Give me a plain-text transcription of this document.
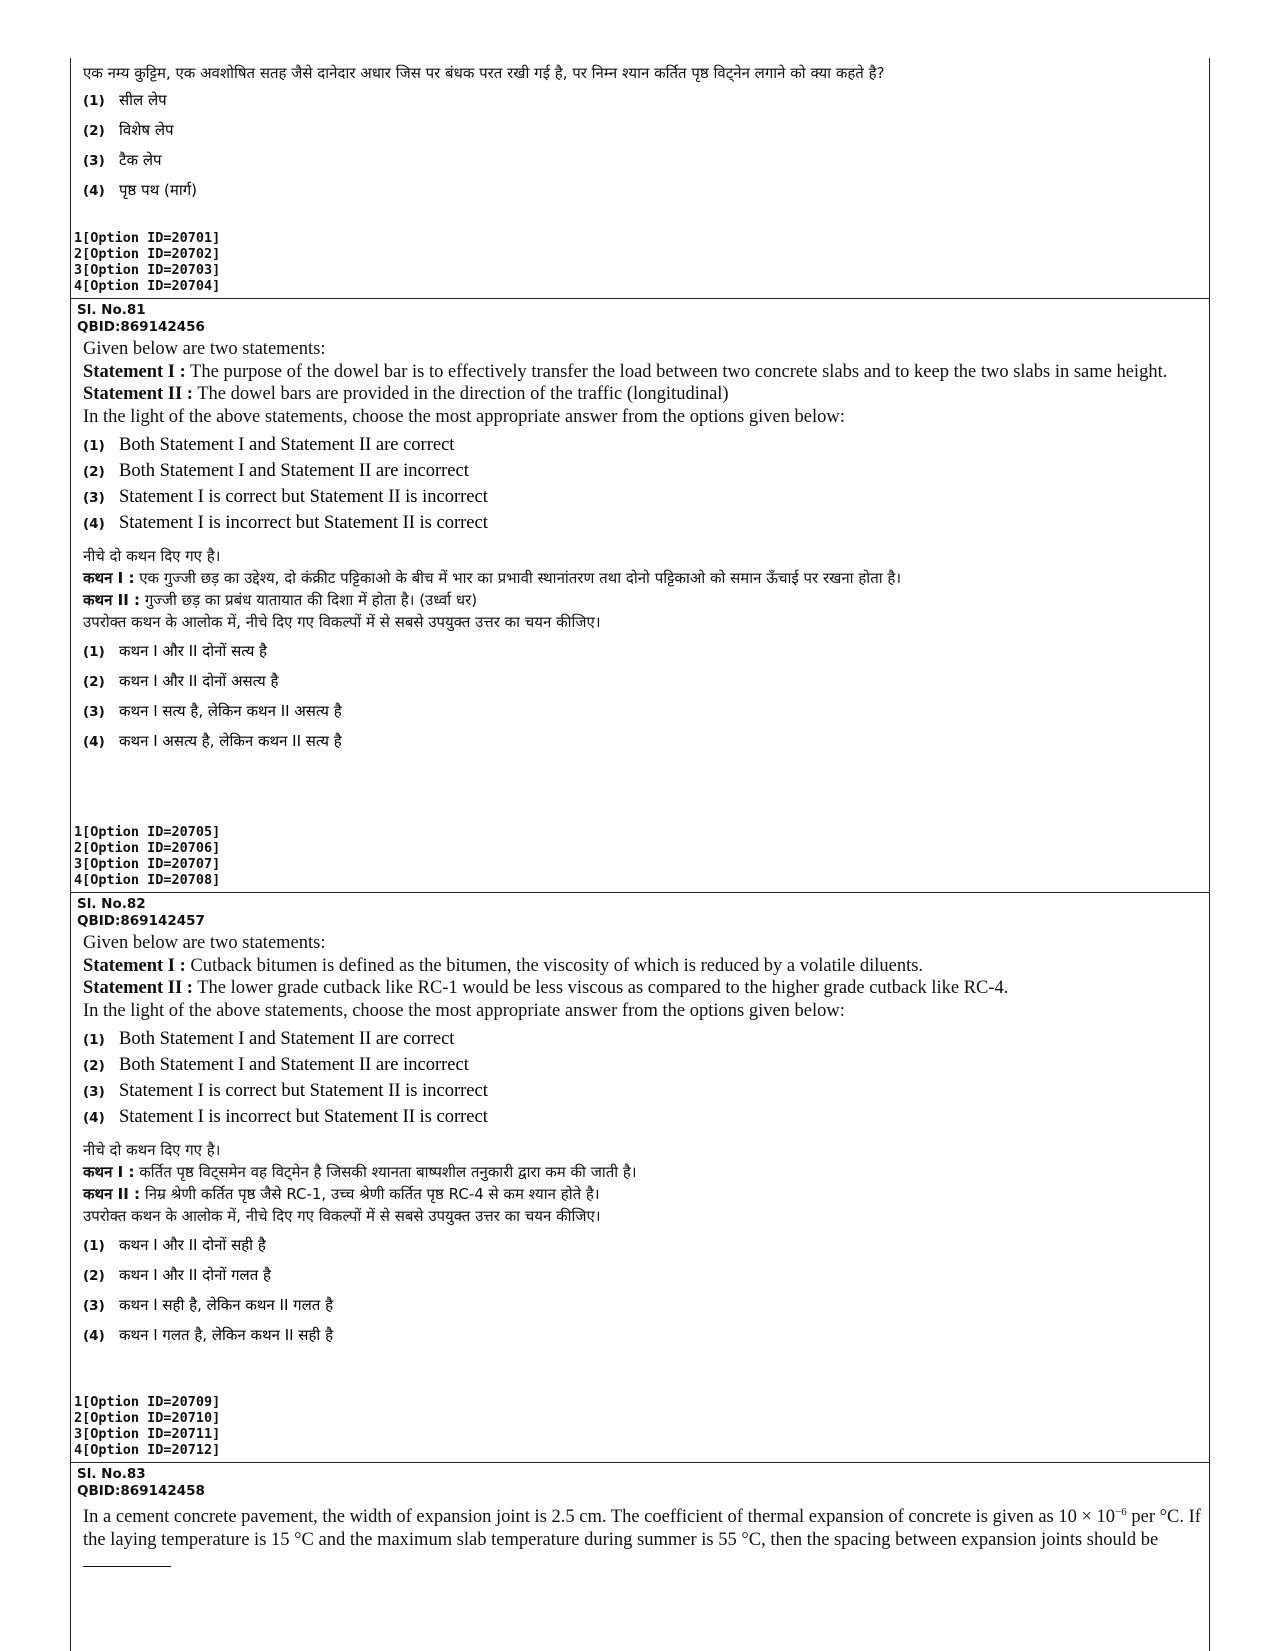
एक नम्य कुट्टिम, एक अवशोषित सतह जैसे दानेदार अधार जिस पर बंधक परत रखी गई है, पर निम्न श्यान कर्तित पृष्ठ विट्नेन लगाने को क्या कहते है?
(1) सील लेप
(2) विशेष लेप
(3) टैक लेप
(4) पृष्ठ पथ (मार्ग)
1[Option ID=20701]
2[Option ID=20702]
3[Option ID=20703]
4[Option ID=20704]
Sl. No.81
QBID:869142456
Given below are two statements:
Statement I : The purpose of the dowel bar is to effectively transfer the load between two concrete slabs and to keep the two slabs in same height.
Statement II : The dowel bars are provided in the direction of the traffic (longitudinal)
In the light of the above statements, choose the most appropriate answer from the options given below:
(1) Both Statement I and Statement II are correct
(2) Both Statement I and Statement II are incorrect
(3) Statement I is correct but Statement II is incorrect
(4) Statement I is incorrect but Statement II is correct
नीचे दो कथन दिए गए है।
कथन I : एक गुज्जी छड़ का उद्देश्य, दो कंक्रीट पट्टिकाओ के बीच में भार का प्रभावी स्थानांतरण तथा दोनो पट्टिकाओ को समान ऊँचाई पर रखना होता है।
कथन II : गुज्जी छड़ का प्रबंध यातायात की दिशा में होता है। (उर्ध्वा धर)
उपरोक्त कथन के आलोक में, नीचे दिए गए विकल्पों में से सबसे उपयुक्त उत्तर का चयन कीजिए।
(1) कथन I और II दोनों सत्य है
(2) कथन I और II दोनों असत्य है
(3) कथन I सत्य है, लेकिन कथन II असत्य है
(4) कथन I असत्य है, लेकिन कथन II सत्य है
1[Option ID=20705]
2[Option ID=20706]
3[Option ID=20707]
4[Option ID=20708]
Sl. No.82
QBID:869142457
Given below are two statements:
Statement I : Cutback bitumen is defined as the bitumen, the viscosity of which is reduced by a volatile diluents.
Statement II : The lower grade cutback like RC-1 would be less viscous as compared to the higher grade cutback like RC-4.
In the light of the above statements, choose the most appropriate answer from the options given below:
(1) Both Statement I and Statement II are correct
(2) Both Statement I and Statement II are incorrect
(3) Statement I is correct but Statement II is incorrect
(4) Statement I is incorrect but Statement II is correct
नीचे दो कथन दिए गए है।
कथन I : कर्तित पृष्ठ विट्समेन वह विट्मेन है जिसकी श्यानता बाष्पशील तनुकारी द्वारा कम की जाती है।
कथन II : निम्र श्रेणी कर्तित पृष्ठ जैसे RC-1, उच्च श्रेणी कर्तित पृष्ठ RC-4 से कम श्यान होते है।
उपरोक्त कथन के आलोक में, नीचे दिए गए विकल्पों में से सबसे उपयुक्त उत्तर का चयन कीजिए।
(1) कथन I और II दोनों सही है
(2) कथन I और II दोनों गलत है
(3) कथन I सही है, लेकिन कथन II गलत है
(4) कथन I गलत है, लेकिन कथन II सही है
1[Option ID=20709]
2[Option ID=20710]
3[Option ID=20711]
4[Option ID=20712]
Sl. No.83
QBID:869142458
In a cement concrete pavement, the width of expansion joint is 2.5 cm. The coefficient of thermal expansion of concrete is given as $10 \times 10^{-6}$ per °C. If the laying temperature is 15 °C and the maximum slab temperature during summer is 55 °C, then the spacing between expansion joints should be
